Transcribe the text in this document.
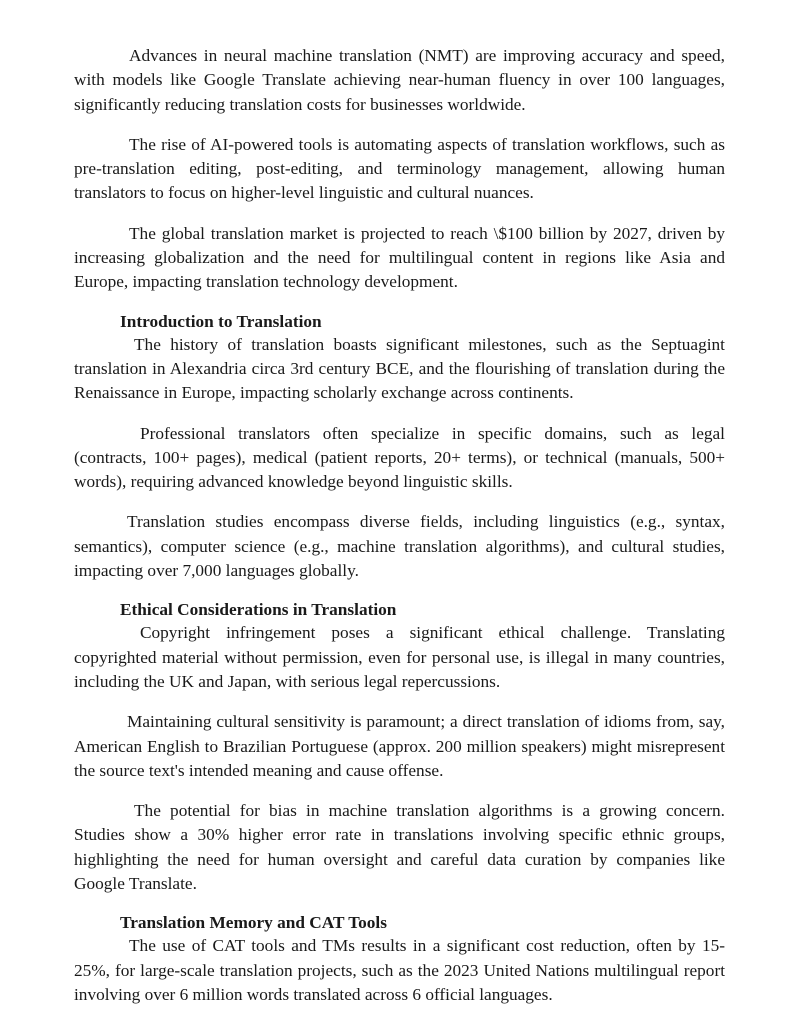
Advances in neural machine translation (NMT) are improving accuracy and speed, with models like Google Translate achieving near-human fluency in over 100 languages, significantly reducing translation costs for businesses worldwide.

The rise of AI-powered tools is automating aspects of translation workflows, such as pre-translation editing, post-editing, and terminology management, allowing human translators to focus on higher-level linguistic and cultural nuances.

The global translation market is projected to reach \$100 billion by 2027, driven by increasing globalization and the need for multilingual content in regions like Asia and Europe, impacting translation technology development.

Introduction to Translation

The history of translation boasts significant milestones, such as the Septuagint translation in Alexandria circa 3rd century BCE, and the flourishing of translation during the Renaissance in Europe, impacting scholarly exchange across continents.

Professional translators often specialize in specific domains, such as legal (contracts, 100+ pages), medical (patient reports, 20+ terms), or technical (manuals, 500+ words), requiring advanced knowledge beyond linguistic skills.

Translation studies encompass diverse fields, including linguistics (e.g., syntax, semantics), computer science (e.g., machine translation algorithms), and cultural studies, impacting over 7,000 languages globally.

Ethical Considerations in Translation

Copyright infringement poses a significant ethical challenge. Translating copyrighted material without permission, even for personal use, is illegal in many countries, including the UK and Japan, with serious legal repercussions.

Maintaining cultural sensitivity is paramount; a direct translation of idioms from, say, American English to Brazilian Portuguese (approx. 200 million speakers) might misrepresent the source text's intended meaning and cause offense.

The potential for bias in machine translation algorithms is a growing concern. Studies show a 30% higher error rate in translations involving specific ethnic groups, highlighting the need for human oversight and careful data curation by companies like Google Translate.

Translation Memory and CAT Tools

The use of CAT tools and TMs results in a significant cost reduction, often by 15-25%, for large-scale translation projects, such as the 2023 United Nations multilingual report involving over 6 million words translated across 6 official languages.
